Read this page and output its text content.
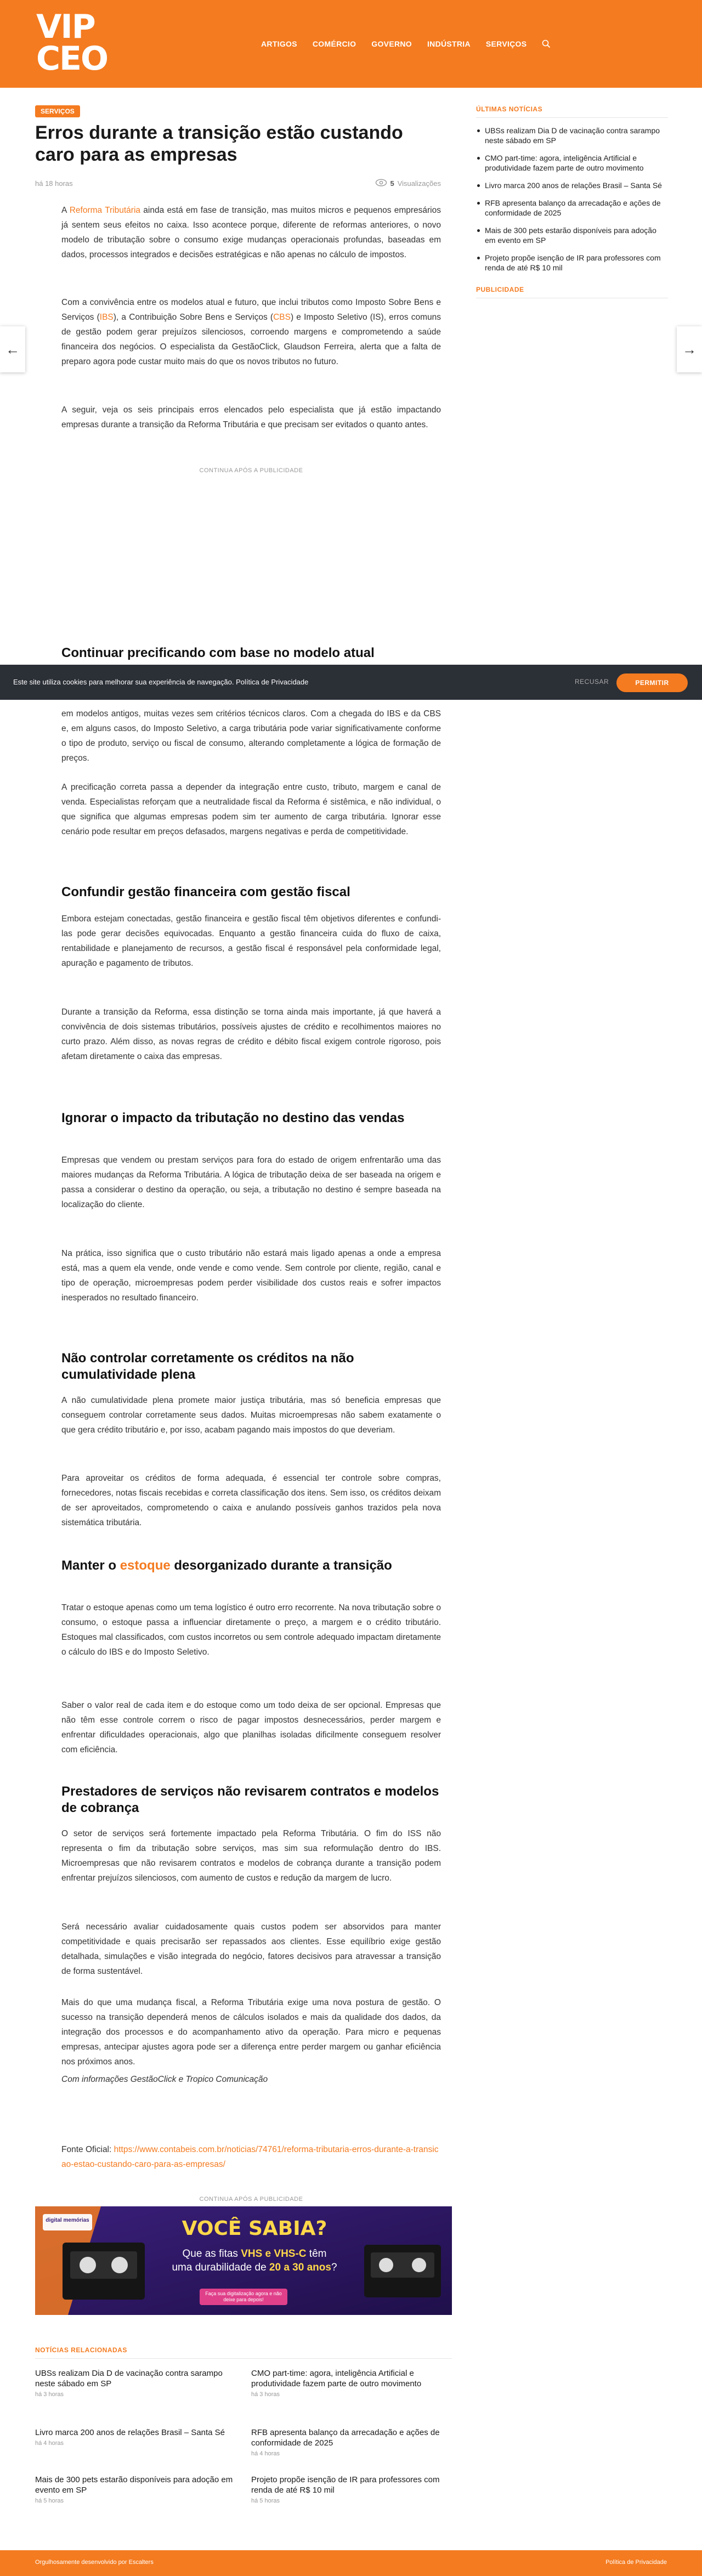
VIP
CEO	ARTIGOS COMÉRCIO GOVERNO INDÚSTRIA SERVIÇOS
←	→
SERVIÇOS
Erros durante a transição estão custando caro para as empresas
há 18 horas	5 Visualizações

A Reforma Tributária ainda está em fase de transição, mas muitos micros e pequenos empresários já sentem seus efeitos no caixa. Isso acontece porque, diferente de reformas anteriores, o novo modelo de tributação sobre o consumo exige mudanças operacionais profundas, baseadas em dados, processos integrados e decisões estratégicas e não apenas no cálculo de impostos.

Com a convivência entre os modelos atual e futuro, que inclui tributos como Imposto Sobre Bens e Serviços (IBS), a Contribuição Sobre Bens e Serviços (CBS) e Imposto Seletivo (IS), erros comuns de gestão podem gerar prejuízos silenciosos, corroendo margens e comprometendo a saúde financeira dos negócios. O especialista da GestãoClick, Glaudson Ferreira, alerta que a falta de preparo agora pode custar muito mais do que os novos tributos no futuro.

A seguir, veja os seis principais erros elencados pelo especialista que já estão impactando empresas durante a transição da Reforma Tributária e que precisam ser evitados o quanto antes.

CONTINUA APÓS A PUBLICIDADE
Continuar precificando com base no modelo atual

em modelos antigos, muitas vezes sem critérios técnicos claros. Com a chegada do IBS e da CBS e, em alguns casos, do Imposto Seletivo, a carga tributária pode variar significativamente conforme o tipo de produto, serviço ou fiscal de consumo, alterando completamente a lógica de formação de preços.

A precificação correta passa a depender da integração entre custo, tributo, margem e canal de venda. Especialistas reforçam que a neutralidade fiscal da Reforma é sistêmica, e não individual, o que significa que algumas empresas podem sim ter aumento de carga tributária. Ignorar esse cenário pode resultar em preços defasados, margens negativas e perda de competitividade.

Confundir gestão financeira com gestão fiscal

Embora estejam conectadas, gestão financeira e gestão fiscal têm objetivos diferentes e confundi-las pode gerar decisões equivocadas. Enquanto a gestão financeira cuida do fluxo de caixa, rentabilidade e planejamento de recursos, a gestão fiscal é responsável pela conformidade legal, apuração e pagamento de tributos.

Durante a transição da Reforma, essa distinção se torna ainda mais importante, já que haverá a convivência de dois sistemas tributários, possíveis ajustes de crédito e recolhimentos maiores no curto prazo. Além disso, as novas regras de crédito e débito fiscal exigem controle rigoroso, pois afetam diretamente o caixa das empresas.

Ignorar o impacto da tributação no destino das vendas

Empresas que vendem ou prestam serviços para fora do estado de origem enfrentarão uma das maiores mudanças da Reforma Tributária. A lógica de tributação deixa de ser baseada na origem e passa a considerar o destino da operação, ou seja, a tributação no destino é sempre baseada na localização do cliente.

Na prática, isso significa que o custo tributário não estará mais ligado apenas a onde a empresa está, mas a quem ela vende, onde vende e como vende. Sem controle por cliente, região, canal e tipo de operação, microempresas podem perder visibilidade dos custos reais e sofrer impactos inesperados no resultado financeiro.

Não controlar corretamente os créditos na não cumulatividade plena

A não cumulatividade plena promete maior justiça tributária, mas só beneficia empresas que conseguem controlar corretamente seus dados. Muitas microempresas não sabem exatamente o que gera crédito tributário e, por isso, acabam pagando mais impostos do que deveriam.

Para aproveitar os créditos de forma adequada, é essencial ter controle sobre compras, fornecedores, notas fiscais recebidas e correta classificação dos itens. Sem isso, os créditos deixam de ser aproveitados, comprometendo o caixa e anulando possíveis ganhos trazidos pela nova sistemática tributária.

Manter o estoque desorganizado durante a transição

Tratar o estoque apenas como um tema logístico é outro erro recorrente. Na nova tributação sobre o consumo, o estoque passa a influenciar diretamente o preço, a margem e o crédito tributário. Estoques mal classificados, com custos incorretos ou sem controle adequado impactam diretamente o cálculo do IBS e do Imposto Seletivo.

Saber o valor real de cada item e do estoque como um todo deixa de ser opcional. Empresas que não têm esse controle correm o risco de pagar impostos desnecessários, perder margem e enfrentar dificuldades operacionais, algo que planilhas isoladas dificilmente conseguem resolver com eficiência.

Prestadores de serviços não revisarem contratos e modelos de cobrança

O setor de serviços será fortemente impactado pela Reforma Tributária. O fim do ISS não representa o fim da tributação sobre serviços, mas sim sua reformulação dentro do IBS. Microempresas que não revisarem contratos e modelos de cobrança durante a transição podem enfrentar prejuízos silenciosos, com aumento de custos e redução da margem de lucro.

Será necessário avaliar cuidadosamente quais custos podem ser absorvidos para manter competitividade e quais precisarão ser repassados aos clientes. Esse equilíbrio exige gestão detalhada, simulações e visão integrada do negócio, fatores decisivos para atravessar a transição de forma sustentável.

Mais do que uma mudança fiscal, a Reforma Tributária exige uma nova postura de gestão. O sucesso na transição dependerá menos de cálculos isolados e mais da qualidade dos dados, da integração dos processos e do acompanhamento ativo da operação. Para micro e pequenas empresas, antecipar ajustes agora pode ser a diferença entre perder margem ou ganhar eficiência nos próximos anos.

Com informações GestãoClick e Tropico Comunicação

Fonte Oficial: https://www.contabeis.com.br/noticias/74761/reforma-tributaria-erros-durante-a-transicao-estao-custando-caro-para-as-empresas/

CONTINUA APÓS A PUBLICIDADE
digital memórias	VOCÊ SABIA?
Que as fitas VHS e VHS-C têm
uma durabilidade de 20 a 30 anos?
Faça sua digitalização agora e não deixe para depois!
ÚLTIMAS NOTÍCIAS
UBSs realizam Dia D de vacinação contra sarampo neste sábado em SP
CMO part-time: agora, inteligência Artificial e produtividade fazem parte de outro movimento
Livro marca 200 anos de relações Brasil – Santa Sé
RFB apresenta balanço da arrecadação e ações de conformidade de 2025
Mais de 300 pets estarão disponíveis para adoção em evento em SP
Projeto propõe isenção de IR para professores com renda de até R$ 10 mil
PUBLICIDADE
Este site utiliza cookies para melhorar sua experiência de navegação. Política de Privacidade	RECUSAR	PERMITIR
NOTÍCIAS RELACIONADAS
UBSs realizam Dia D de vacinação contra sarampo neste sábado em SP
há 3 horas
CMO part-time: agora, inteligência Artificial e produtividade fazem parte de outro movimento
há 3 horas
Livro marca 200 anos de relações Brasil – Santa Sé
há 4 horas
RFB apresenta balanço da arrecadação e ações de conformidade de 2025
há 4 horas
Mais de 300 pets estarão disponíveis para adoção em evento em SP
há 5 horas
Projeto propõe isenção de IR para professores com renda de até R$ 10 mil
há 5 horas
Orgulhosamente desenvolvido por Escalters	Política de Privacidade
